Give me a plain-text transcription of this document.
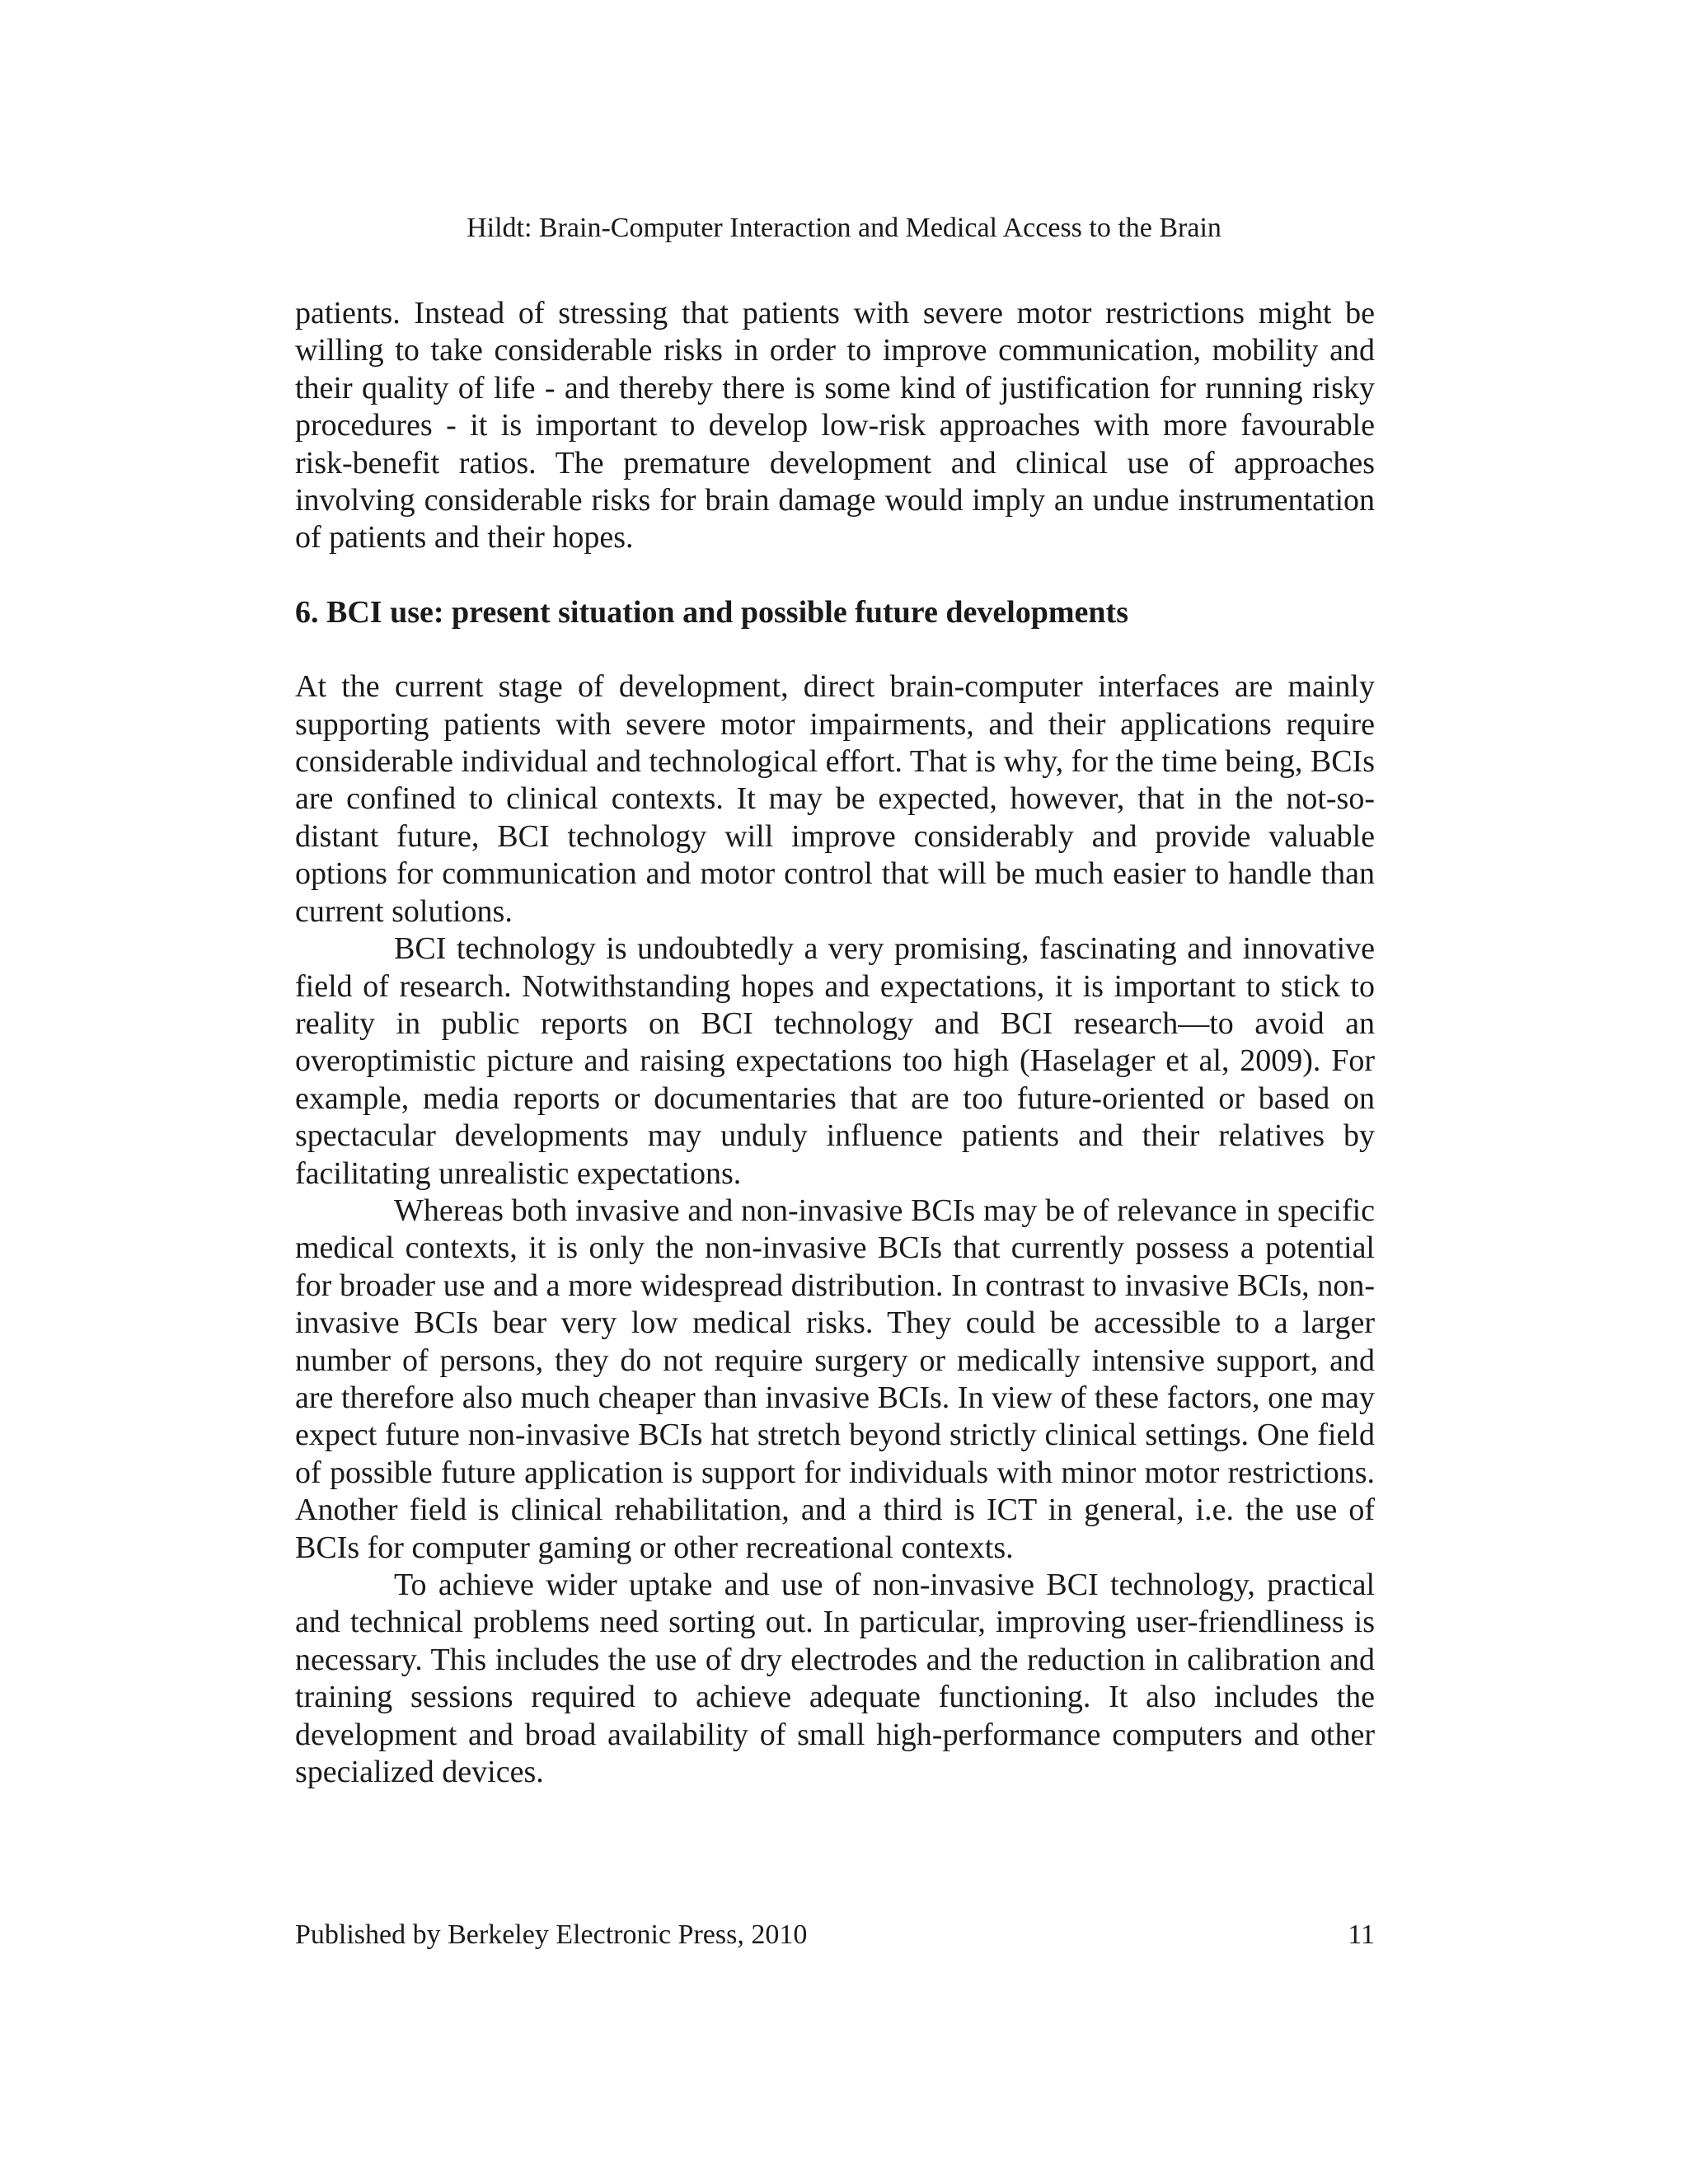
Hildt: Brain-Computer Interaction and Medical Access to the Brain

patients. Instead of stressing that patients with severe motor restrictions might be willing to take considerable risks in order to improve communication, mobility and their quality of life - and thereby there is some kind of justification for running risky procedures - it is important to develop low-risk approaches with more favourable risk-benefit ratios. The premature development and clinical use of approaches involving considerable risks for brain damage would imply an undue instrumentation of patients and their hopes.

6. BCI use: present situation and possible future developments

At the current stage of development, direct brain-computer interfaces are mainly supporting patients with severe motor impairments, and their applications require considerable individual and technological effort. That is why, for the time being, BCIs are confined to clinical contexts. It may be expected, however, that in the not-so-distant future, BCI technology will improve considerably and provide valuable options for communication and motor control that will be much easier to handle than current solutions.

BCI technology is undoubtedly a very promising, fascinating and innovative field of research. Notwithstanding hopes and expectations, it is important to stick to reality in public reports on BCI technology and BCI research—to avoid an overoptimistic picture and raising expectations too high (Haselager et al, 2009). For example, media reports or documentaries that are too future-oriented or based on spectacular developments may unduly influence patients and their relatives by facilitating unrealistic expectations.

Whereas both invasive and non-invasive BCIs may be of relevance in specific medical contexts, it is only the non-invasive BCIs that currently possess a potential for broader use and a more widespread distribution. In contrast to invasive BCIs, non-invasive BCIs bear very low medical risks. They could be accessible to a larger number of persons, they do not require surgery or medically intensive support, and are therefore also much cheaper than invasive BCIs. In view of these factors, one may expect future non-invasive BCIs hat stretch beyond strictly clinical settings. One field of possible future application is support for individuals with minor motor restrictions. Another field is clinical rehabilitation, and a third is ICT in general, i.e. the use of BCIs for computer gaming or other recreational contexts.

To achieve wider uptake and use of non-invasive BCI technology, practical and technical problems need sorting out. In particular, improving user-friendliness is necessary. This includes the use of dry electrodes and the reduction in calibration and training sessions required to achieve adequate functioning. It also includes the development and broad availability of small high-performance computers and other specialized devices.

Published by Berkeley Electronic Press, 2010	11
